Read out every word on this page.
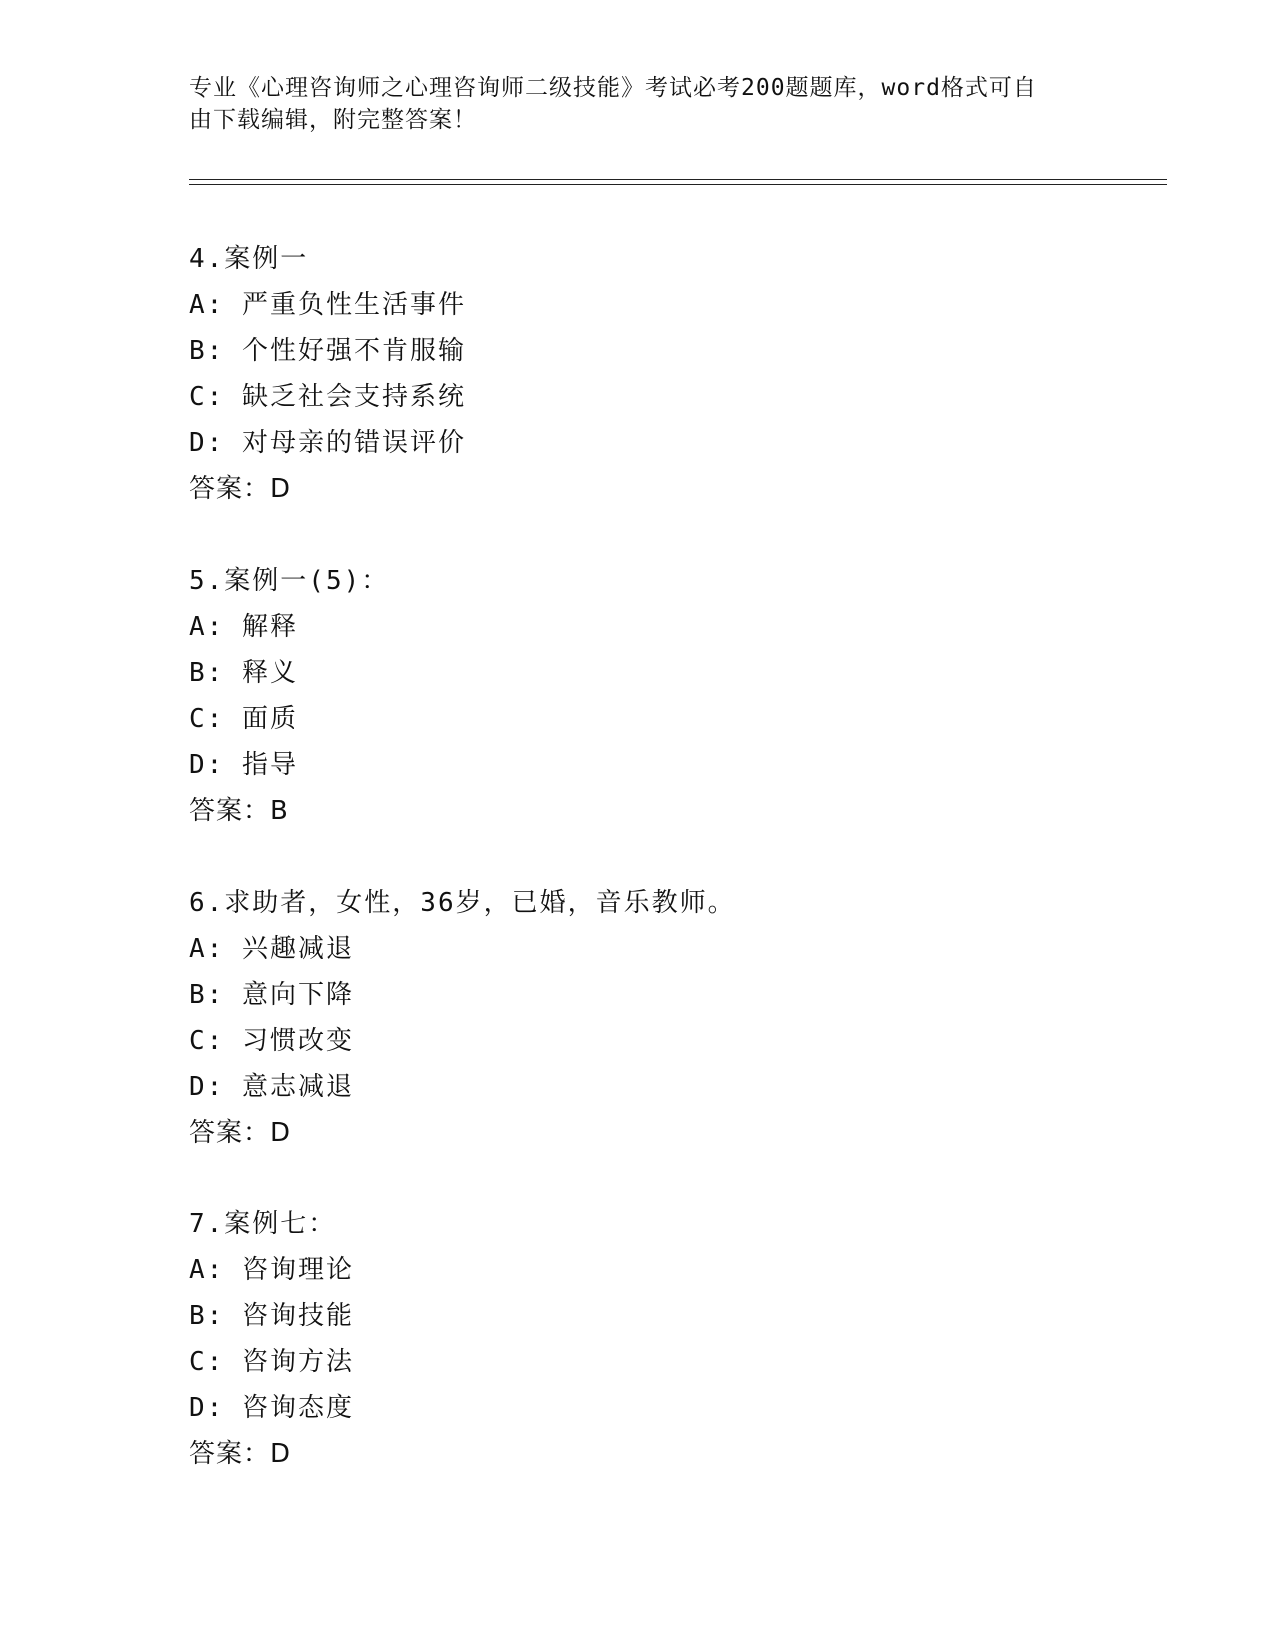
专业《心理咨询师之心理咨询师二级技能》考试必考200题题库，word格式可自
由下载编辑，附完整答案！
4.案例一
A: 严重负性生活事件
B: 个性好强不肯服输
C: 缺乏社会支持系统
D: 对母亲的错误评价
答案：D
5.案例一(5)：
A: 解释
B: 释义
C: 面质
D: 指导
答案：B
6.求助者，女性，36岁，已婚，音乐教师。
A: 兴趣减退
B: 意向下降
C: 习惯改变
D: 意志减退
答案：D
7.案例七：
A: 咨询理论
B: 咨询技能
C: 咨询方法
D: 咨询态度
答案：D
